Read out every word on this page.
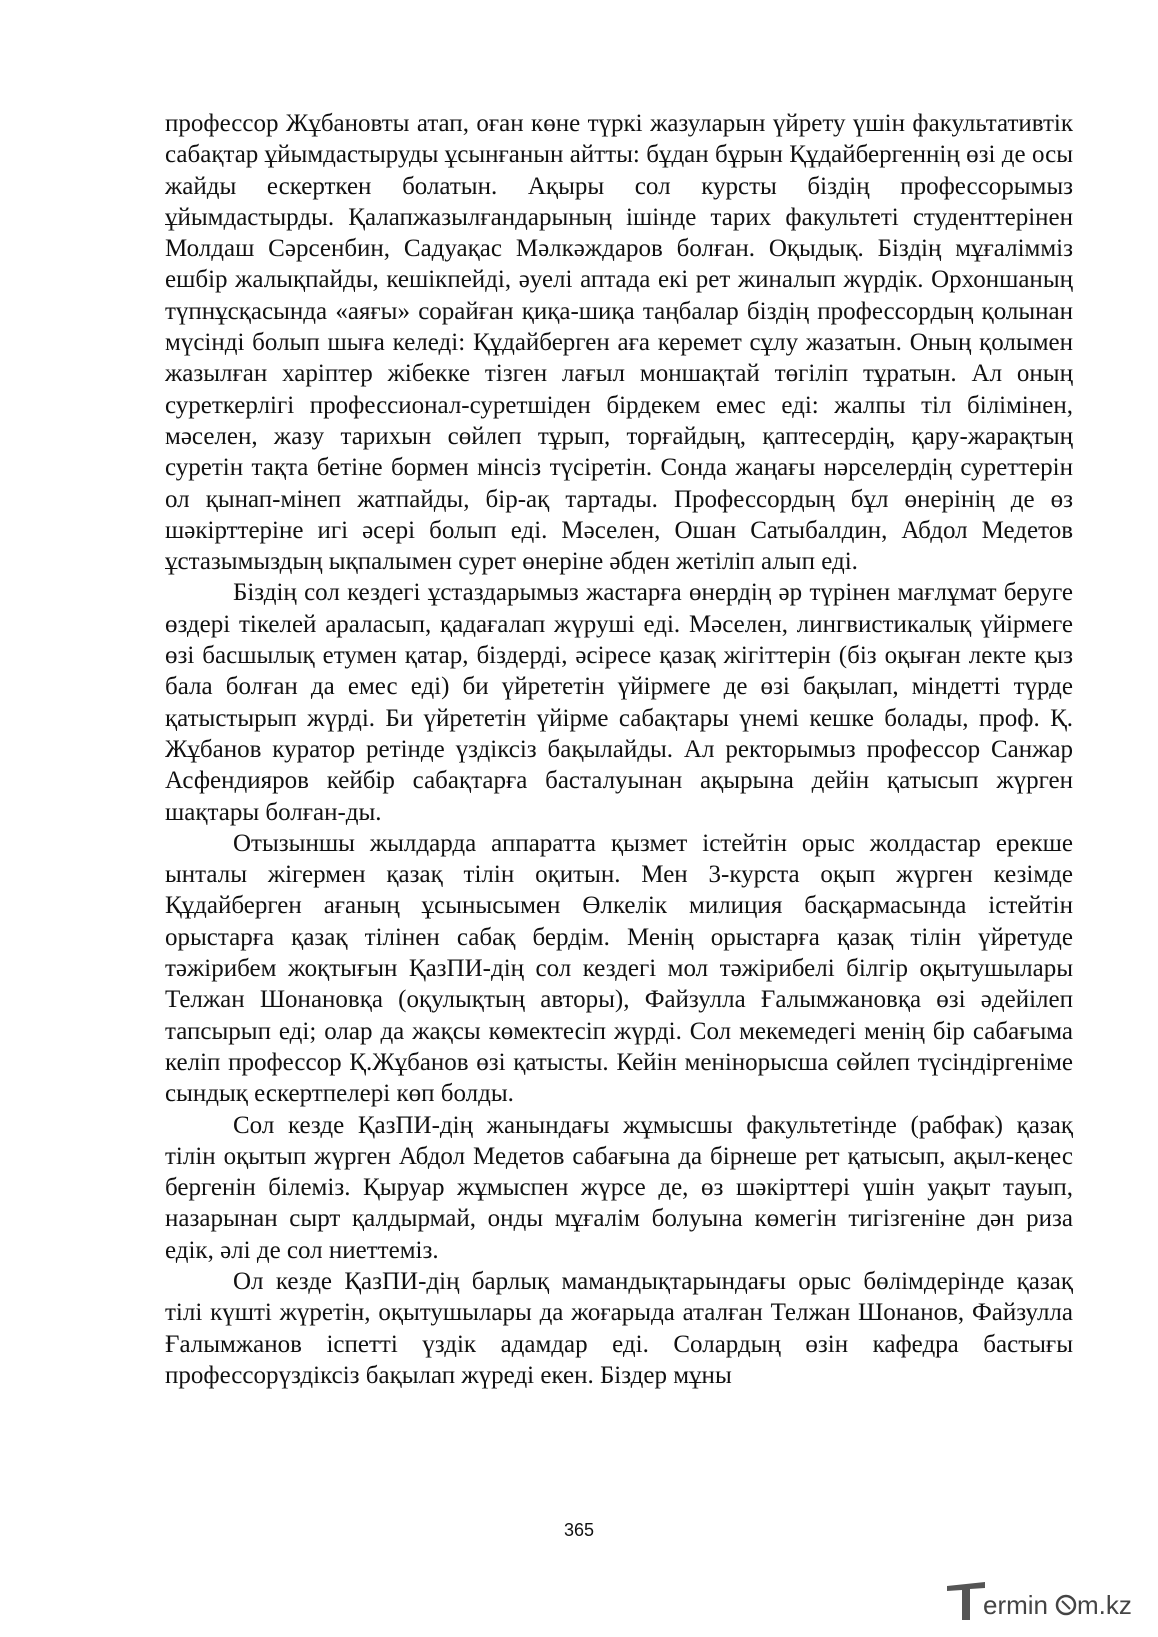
профессор Жұбановты атап, оған көне түркі жазуларын үйрету үшін факультативтік сабақтар ұйымдастыруды ұсынғанын айтты: бұдан бұрын Құдайбергеннің өзі де осы жайды ескерткен болатын. Ақыры сол курсты біздің профессорымыз ұйымдастырды. Қалапжазылғандарының ішінде тарих факультеті студенттерінен Молдаш Сәрсенбин, Садуақас Мәлкәждаров болған. Оқыдық. Біздің мұғалімміз ешбір жалықпайды, кешікпейді, әуелі аптада екі рет жиналып жүрдік. Орхоншаның түпнұсқасында «аяғы» сорайған қиқа-шиқа таңбалар біздің профессордың қолынан мүсінді болып шыға келеді: Құдайберген аға керемет сұлу жазатын. Оның қолымен жазылған харіптер жібекке тізген лағыл моншақтай төгіліп тұратын. Ал оның суреткерлігі профессионал-суретшіден бірдекем емес еді: жалпы тіл білімінен, мәселен, жазу тарихын сөйлеп тұрып, торғайдың, қаптесердің, қару-жарақтың суретін тақта бетіне бормен мінсіз түсіретін. Сонда жаңағы нәрселердің суреттерін ол қынап-мінеп жатпайды, бір-ақ тартады. Профессордың бұл өнерінің де өз шәкірттеріне игі әсері болып еді. Мәселен, Ошан Сатыбалдин, Абдол Медетов ұстазымыздың ықпалымен сурет өнеріне әбден жетіліп алып еді.

Біздің сол кездегі ұстаздарымыз жастарға өнердің әр түрінен мағлұмат беруге өздері тікелей араласып, қадағалап жүруші еді. Мәселен, лингвистикалық үйірмеге өзі басшылық етумен қатар, біздерді, әсіресе қазақ жігіттерін (біз оқыған лекте қыз бала болған да емес еді) би үйрететін үйірмеге де өзі бақылап, міндетті түрде қатыстырып жүрді. Би үйрететін үйірме сабақтары үнемі кешке болады, проф. Қ. Жұбанов куратор ретінде үздіксіз бақылайды. Ал ректорымыз профессор Санжар Асфендияров кейбір сабақтарға басталуынан ақырына дейін қатысып жүрген шақтары болған-ды.

Отызыншы жылдарда аппаратта қызмет істейтін орыс жолдастар ерекше ынталы жігермен қазақ тілін оқитын. Мен 3-курста оқып жүрген кезімде Құдайберген ағаның ұсынысымен Өлкелік милиция басқармасында істейтін орыстарға қазақ тілінен сабақ бердім. Менің орыстарға қазақ тілін үйретуде тәжірибем жоқтығын ҚазПИ-дің сол кездегі мол тәжірибелі білгір оқытушылары Телжан Шонановқа (оқулықтың авторы), Файзулла Ғалымжановқа өзі әдейілеп тапсырып еді; олар да жақсы көмектесіп жүрді. Сол мекемедегі менің бір сабағыма келіп профессор Қ.Жұбанов өзі қатысты. Кейін менінорысша сөйлеп түсіндіргеніме сындық ескертпелері көп болды.

Сол кезде ҚазПИ-дің жанындағы жұмысшы факультетінде (рабфак) қазақ тілін оқытып жүрген Абдол Медетов сабағына да бірнеше рет қатысып, ақыл-кеңес бергенін білеміз. Қыруар жұмыспен жүрсе де, өз шәкірттері үшін уақыт тауып, назарынан сырт қалдырмай, онды мұғалім болуына көмегін тигізгеніне дән риза едік, әлі де сол ниеттеміз.

Ол кезде ҚазПИ-дің барлық мамандықтарындағы орыс бөлімдерінде қазақ тілі күшті жүретін, оқытушылары да жоғарыда аталған Телжан Шонанов, Файзулла Ғалымжанов іспетті үздік адамдар еді. Солардың өзін кафедра бастығы профессорүздіксіз бақылап жүреді екен. Біздер мұны

365
ermin m.kz
